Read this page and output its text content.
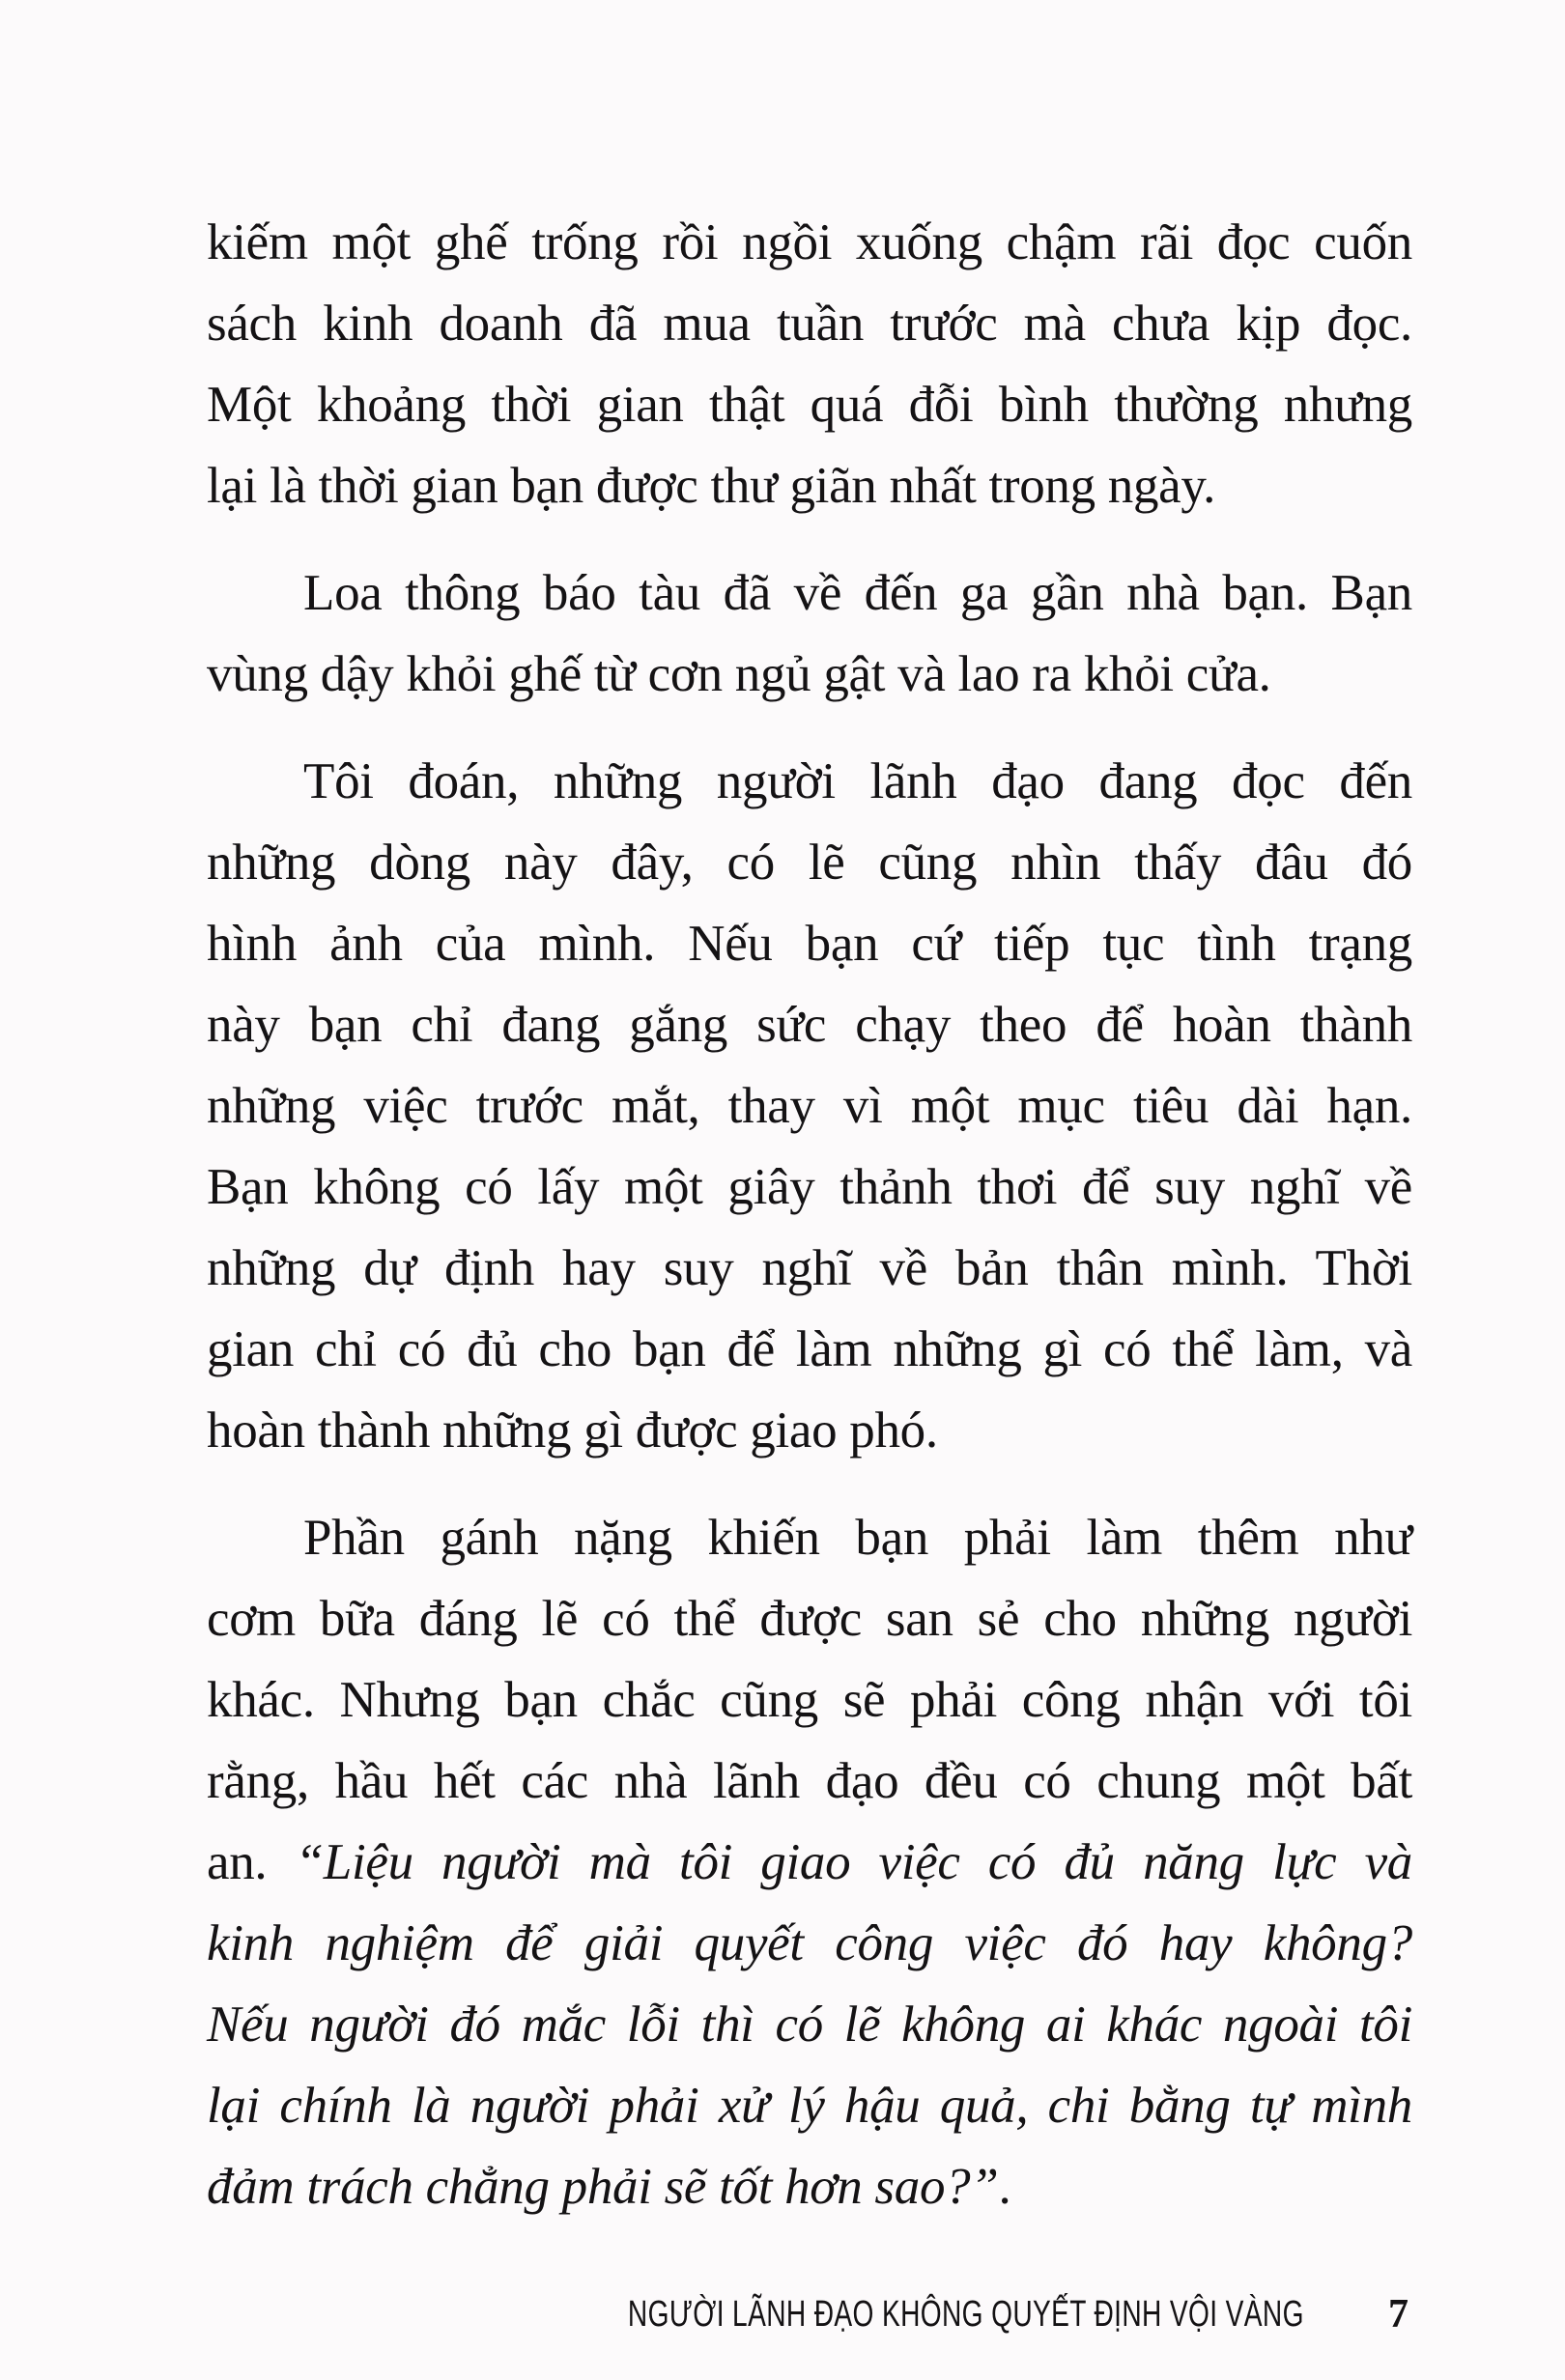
kiếm một ghế trống rồi ngồi xuống chậm rãi đọc cuốn
sách kinh doanh đã mua tuần trước mà chưa kịp đọc.
Một khoảng thời gian thật quá đỗi bình thường nhưng
lại là thời gian bạn được thư giãn nhất trong ngày.
Loa thông báo tàu đã về đến ga gần nhà bạn. Bạn
vùng dậy khỏi ghế từ cơn ngủ gật và lao ra khỏi cửa.
Tôi đoán, những người lãnh đạo đang đọc đến
những dòng này đây, có lẽ cũng nhìn thấy đâu đó
hình ảnh của mình. Nếu bạn cứ tiếp tục tình trạng
này bạn chỉ đang gắng sức chạy theo để hoàn thành
những việc trước mắt, thay vì một mục tiêu dài hạn.
Bạn không có lấy một giây thảnh thơi để suy nghĩ về
những dự định hay suy nghĩ về bản thân mình. Thời
gian chỉ có đủ cho bạn để làm những gì có thể làm, và
hoàn thành những gì được giao phó.
Phần gánh nặng khiến bạn phải làm thêm như
cơm bữa đáng lẽ có thể được san sẻ cho những người
khác. Nhưng bạn chắc cũng sẽ phải công nhận với tôi
rằng, hầu hết các nhà lãnh đạo đều có chung một bất
an. “Liệu người mà tôi giao việc có đủ năng lực và
kinh nghiệm để giải quyết công việc đó hay không?
Nếu người đó mắc lỗi thì có lẽ không ai khác ngoài tôi
lại chính là người phải xử lý hậu quả, chi bằng tự mình
đảm trách chẳng phải sẽ tốt hơn sao?”.
NGƯỜI LÃNH ĐẠO KHÔNG QUYẾT ĐỊNH VỘI VÀNG 7
